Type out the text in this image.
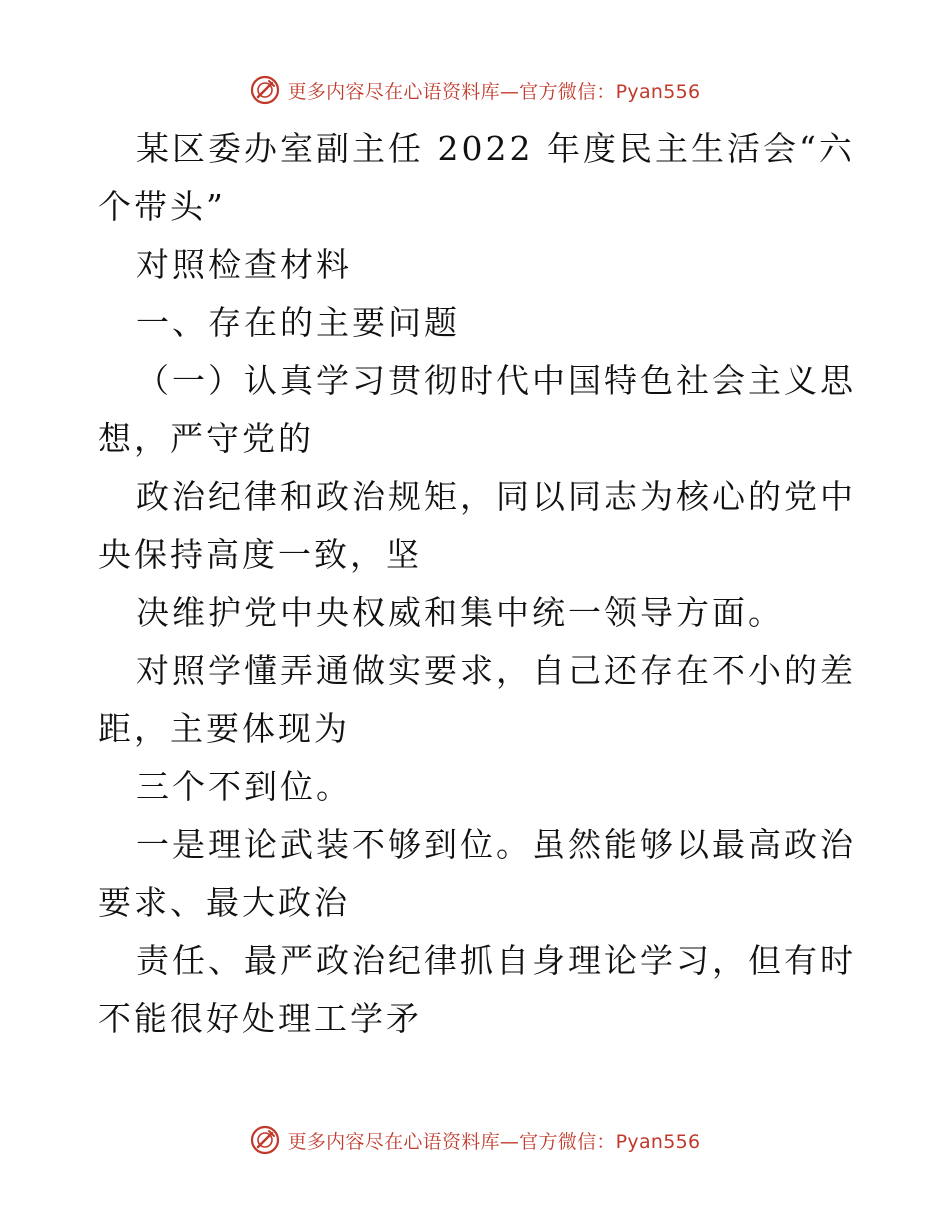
更多内容尽在心语资料库—官方微信：Pyan556

某区委办室副主任 2022 年度民主生活会“六个带头”

对照检查材料

一、存在的主要问题

（一）认真学习贯彻时代中国特色社会主义思想，严守党的

政治纪律和政治规矩，同以同志为核心的党中央保持高度一致，坚

决维护党中央权威和集中统一领导方面。

对照学懂弄通做实要求，自己还存在不小的差距，主要体现为

三个不到位。

一是理论武装不够到位。虽然能够以最高政治要求、最大政治

责任、最严政治纪律抓自身理论学习，但有时不能很好处理工学矛

更多内容尽在心语资料库—官方微信：Pyan556
